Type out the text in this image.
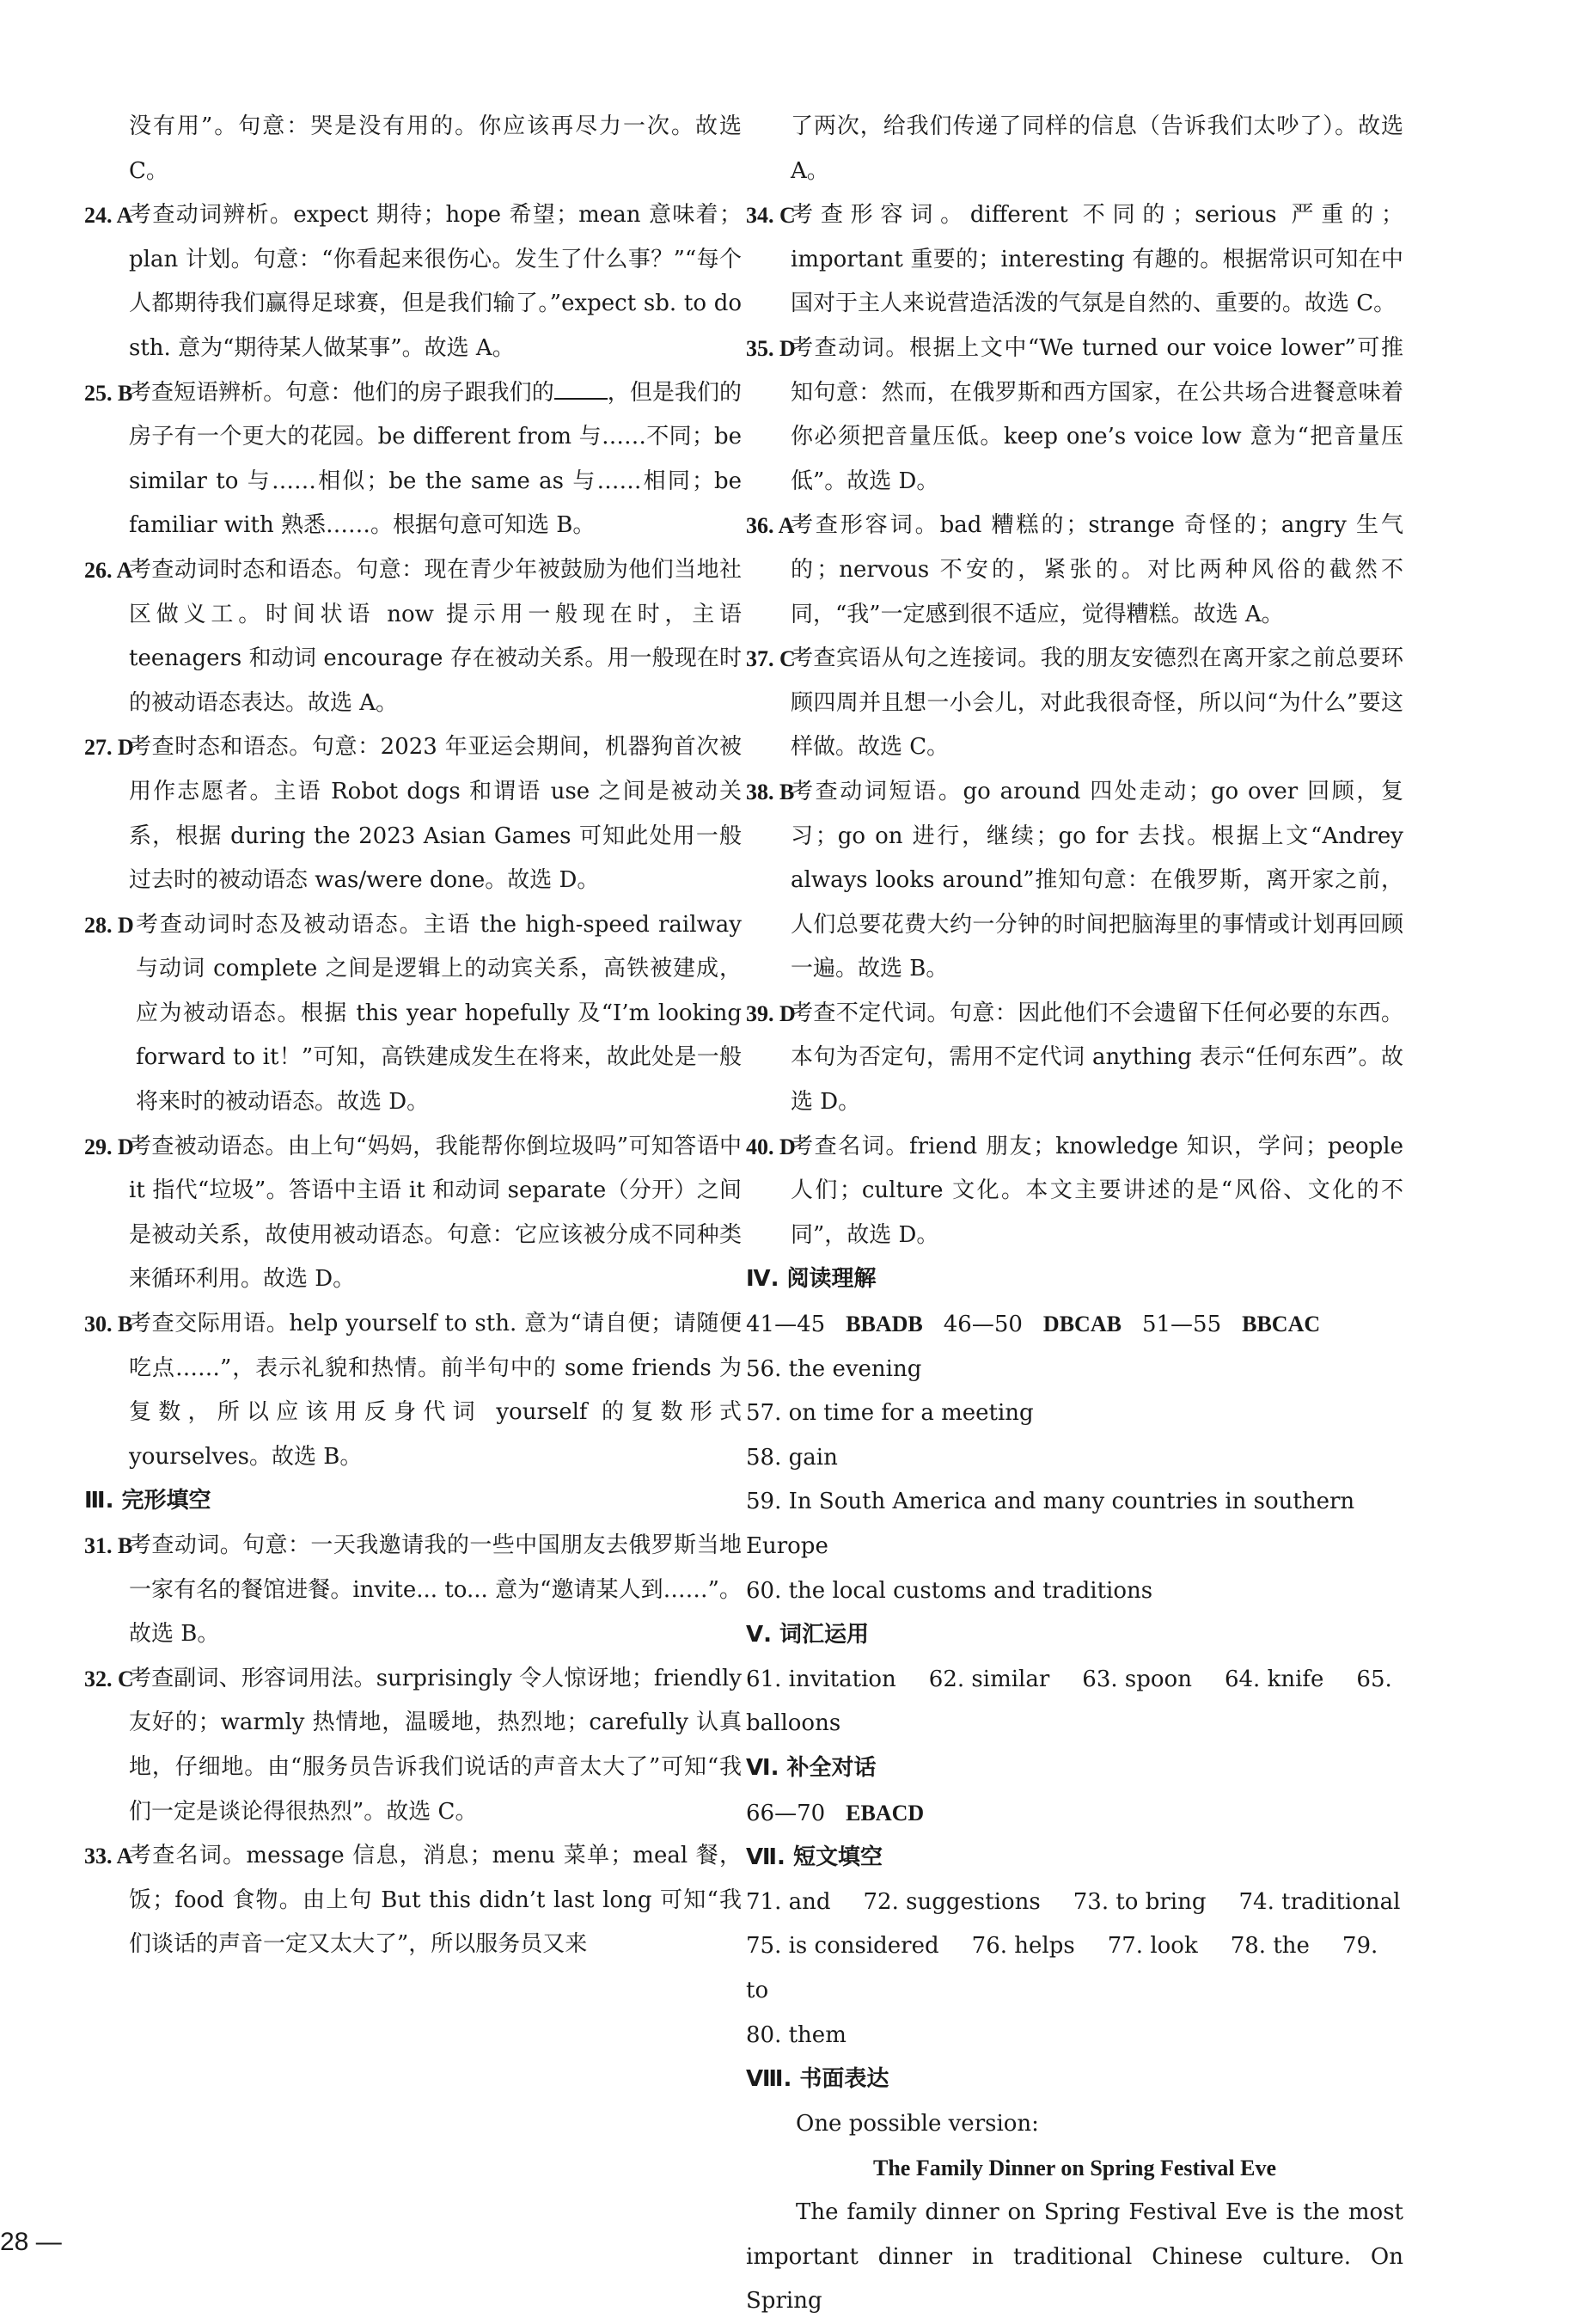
没有用”。句意：哭是没有用的。你应该再尽力一次。故选 C。
24. A
考查动词辨析。expect 期待；hope 希望；mean 意味着；plan 计划。句意：“你看起来很伤心。发生了什么事？”“每个人都期待我们赢得足球赛，但是我们输了。”expect sb. to do sth. 意为“期待某人做某事”。故选 A。
25. B
考查短语辨析。句意：他们的房子跟我们的 ，但是我们的房子有一个更大的花园。be different from 与……不同；be similar to 与……相似；be the same as 与……相同；be familiar with 熟悉……。根据句意可知选 B。
26. A
考查动词时态和语态。句意：现在青少年被鼓励为他们当地社区做义工。时间状语 now 提示用一般现在时，主语 teenagers 和动词 encourage 存在被动关系。用一般现在时的被动语态表达。故选 A。
27. D
考查时态和语态。句意：2023 年亚运会期间，机器狗首次被用作志愿者。主语 Robot dogs 和谓语 use 之间是被动关系，根据 during the 2023 Asian Games 可知此处用一般过去时的被动语态 was/were done。故选 D。
28. D 考查动词时态及被动语态。主语 the high-speed railway 与动词 complete 之间是逻辑上的动宾关系，高铁被建成，应为被动语态。根据 this year hopefully 及“I’m looking forward to it！”可知，高铁建成发生在将来，故此处是一般将来时的被动语态。故选 D。
29. D
考查被动语态。由上句“妈妈，我能帮你倒垃圾吗”可知答语中 it 指代“垃圾”。答语中主语 it 和动词 separate（分开）之间是被动关系，故使用被动语态。句意：它应该被分成不同种类来循环利用。故选 D。
30. B
考查交际用语。help yourself to sth. 意为“请自便；请随便吃点……”，表示礼貌和热情。前半句中的 some friends 为复数，所以应该用反身代词 yourself 的复数形式 yourselves。故选 B。
Ⅲ. 完形填空
31. B
考查动词。句意：一天我邀请我的一些中国朋友去俄罗斯当地一家有名的餐馆进餐。invite... to... 意为“邀请某人到……”。故选 B。
32. C
考查副词、形容词用法。surprisingly 令人惊讶地；friendly 友好的；warmly 热情地，温暖地，热烈地；carefully 认真地，仔细地。由“服务员告诉我们说话的声音太大了”可知“我们一定是谈论得很热烈”。故选 C。
33. A
考查名词。message 信息，消息；menu 菜单；meal 餐，饭；food 食物。由上句 But this didn’t last long 可知“我们谈话的声音一定又太大了”，所以服务员又来
了两次，给我们传递了同样的信息（告诉我们太吵了）。故选 A。
34. C
考查形容词。different 不同的；serious 严重的；important 重要的；interesting 有趣的。根据常识可知在中国对于主人来说营造活泼的气氛是自然的、重要的。故选 C。
35. D
考查动词。根据上文中“We turned our voice lower”可推知句意：然而，在俄罗斯和西方国家，在公共场合进餐意味着你必须把音量压低。keep one’s voice low 意为“把音量压低”。故选 D。
36. A
考查形容词。bad 糟糕的；strange 奇怪的；angry 生气的；nervous 不安的，紧张的。对比两种风俗的截然不同，“我”一定感到很不适应，觉得糟糕。故选 A。
37. C
考查宾语从句之连接词。我的朋友安德烈在离开家之前总要环顾四周并且想一小会儿，对此我很奇怪，所以问“为什么”要这样做。故选 C。
38. B
考查动词短语。go around 四处走动；go over 回顾，复习；go on 进行，继续；go for 去找。根据上文“Andrey always looks around”推知句意：在俄罗斯，离开家之前，人们总要花费大约一分钟的时间把脑海里的事情或计划再回顾一遍。故选 B。
39. D
考查不定代词。句意：因此他们不会遗留下任何必要的东西。本句为否定句，需用不定代词 anything 表示“任何东西”。故选 D。
40. D
考查名词。friend 朋友；knowledge 知识，学问；people 人们；culture 文化。本文主要讲述的是“风俗、文化的不同”，故选 D。
Ⅳ. 阅读理解
41—45 BBADB 46—50 DBCAB 51—55 BBCAC
56. the evening
57. on time for a meeting
58. gain
59. In South America and many countries in southern Europe
60. the local customs and traditions
Ⅴ. 词汇运用
61. invitation 62. similar 63. spoon 64. knife 65. balloons
Ⅵ. 补全对话
66—70 EBACD
Ⅶ. 短文填空
71. and 72. suggestions 73. to bring 74. traditional
75. is considered 76. helps 77. look 78. the 79. to
80. them
Ⅷ. 书面表达
One possible version:
The Family Dinner on Spring Festival Eve
The family dinner on Spring Festival Eve is the most important dinner in traditional Chinese culture. On Spring
28 —
